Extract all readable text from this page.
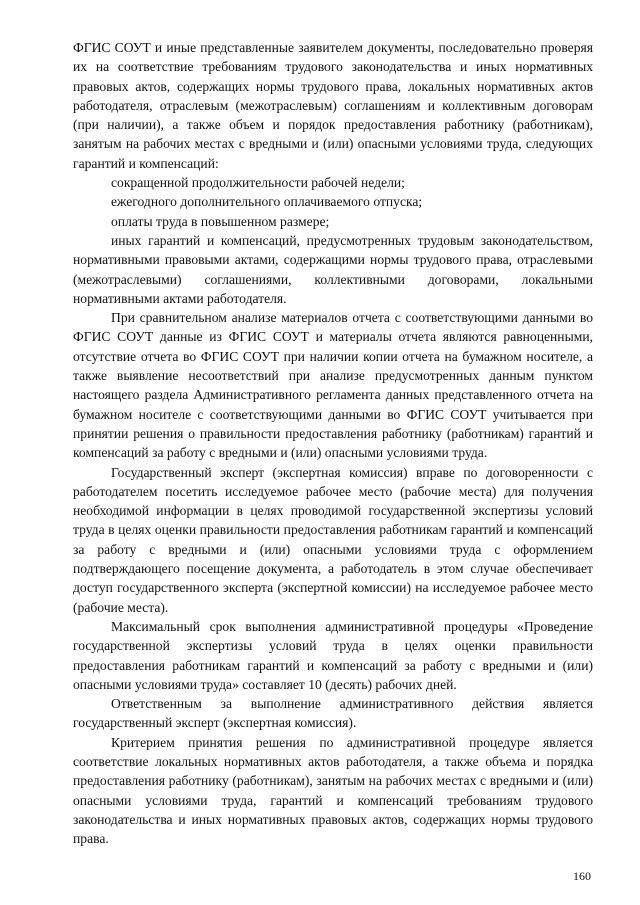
ФГИС СОУТ и иные представленные заявителем документы, последовательно проверяя их на соответствие требованиям трудового законодательства и иных нормативных правовых актов, содержащих нормы трудового права, локальных нормативных актов работодателя, отраслевым (межотраслевым) соглашениям и коллективным договорам (при наличии), а также объем и порядок предоставления работнику (работникам), занятым на рабочих местах с вредными и (или) опасными условиями труда, следующих гарантий и компенсаций:

сокращенной продолжительности рабочей недели;

ежегодного дополнительного оплачиваемого отпуска;

оплаты труда в повышенном размере;

иных гарантий и компенсаций, предусмотренных трудовым законодательством, нормативными правовыми актами, содержащими нормы трудового права, отраслевыми (межотраслевыми) соглашениями, коллективными договорами, локальными нормативными актами работодателя.

При сравнительном анализе материалов отчета с соответствующими данными во ФГИС СОУТ данные из ФГИС СОУТ и материалы отчета являются равноценными, отсутствие отчета во ФГИС СОУТ при наличии копии отчета на бумажном носителе, а также выявление несоответствий при анализе предусмотренных данным пунктом настоящего раздела Административного регламента данных представленного отчета на бумажном носителе с соответствующими данными во ФГИС СОУТ учитывается при принятии решения о правильности предоставления работнику (работникам) гарантий и компенсаций за работу с вредными и (или) опасными условиями труда.

Государственный эксперт (экспертная комиссия) вправе по договоренности с работодателем посетить исследуемое рабочее место (рабочие места) для получения необходимой информации в целях проводимой государственной экспертизы условий труда в целях оценки правильности предоставления работникам гарантий и компенсаций за работу с вредными и (или) опасными условиями труда с оформлением подтверждающего посещение документа, а работодатель в этом случае обеспечивает доступ государственного эксперта (экспертной комиссии) на исследуемое рабочее место (рабочие места).

Максимальный срок выполнения административной процедуры «Проведение государственной экспертизы условий труда в целях оценки правильности предоставления работникам гарантий и компенсаций за работу с вредными и (или) опасными условиями труда» составляет 10 (десять) рабочих дней.

Ответственным за выполнение административного действия является государственный эксперт (экспертная комиссия).

Критерием принятия решения по административной процедуре является соответствие локальных нормативных актов работодателя, а также объема и порядка предоставления работнику (работникам), занятым на рабочих местах с вредными и (или) опасными условиями труда, гарантий и компенсаций требованиям трудового законодательства и иных нормативных правовых актов, содержащих нормы трудового права.

160
